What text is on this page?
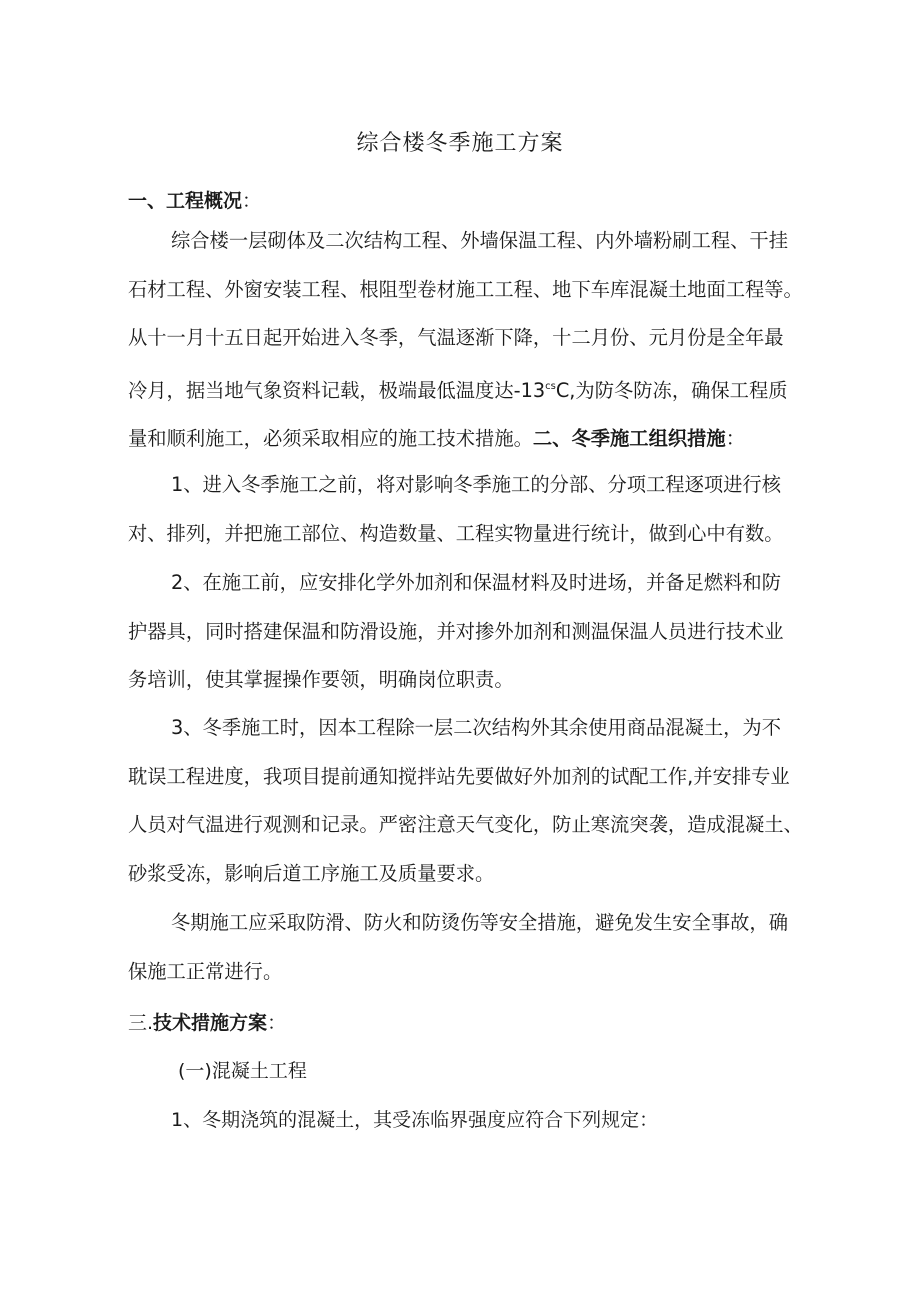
综合楼冬季施工方案
一、工程概况：
综合楼一层砌体及二次结构工程、外墙保温工程、内外墙粉刷工程、干挂
石材工程、外窗安装工程、根阻型卷材施工工程、地下车库混凝土地面工程等。
从十一月十五日起开始进入冬季，气温逐渐下降，十二月份、元月份是全年最
冷月，据当地气象资料记载，极端最低温度达$-13^{cs}C$,为防冬防冻，确保工程质
量和顺利施工，必须采取相应的施工技术措施。二、冬季施工组织措施：
1、进入冬季施工之前，将对影响冬季施工的分部、分项工程逐项进行核
对、排列，并把施工部位、构造数量、工程实物量进行统计，做到心中有数。
2、在施工前，应安排化学外加剂和保温材料及时进场，并备足燃料和防
护器具，同时搭建保温和防滑设施，并对掺外加剂和测温保温人员进行技术业
务培训，使其掌握操作要领，明确岗位职责。
3、冬季施工时，因本工程除一层二次结构外其余使用商品混凝土，为不
耽误工程进度，我项目提前通知搅拌站先要做好外加剂的试配工作,并安排专业
人员对气温进行观测和记录。严密注意天气变化，防止寒流突袭，造成混凝土、
砂浆受冻，影响后道工序施工及质量要求。
冬期施工应采取防滑、防火和防烫伤等安全措施，避免发生安全事故，确
保施工正常进行。
三.技术措施方案：
(一)混凝土工程
1、冬期浇筑的混凝土，其受冻临界强度应符合下列规定：
